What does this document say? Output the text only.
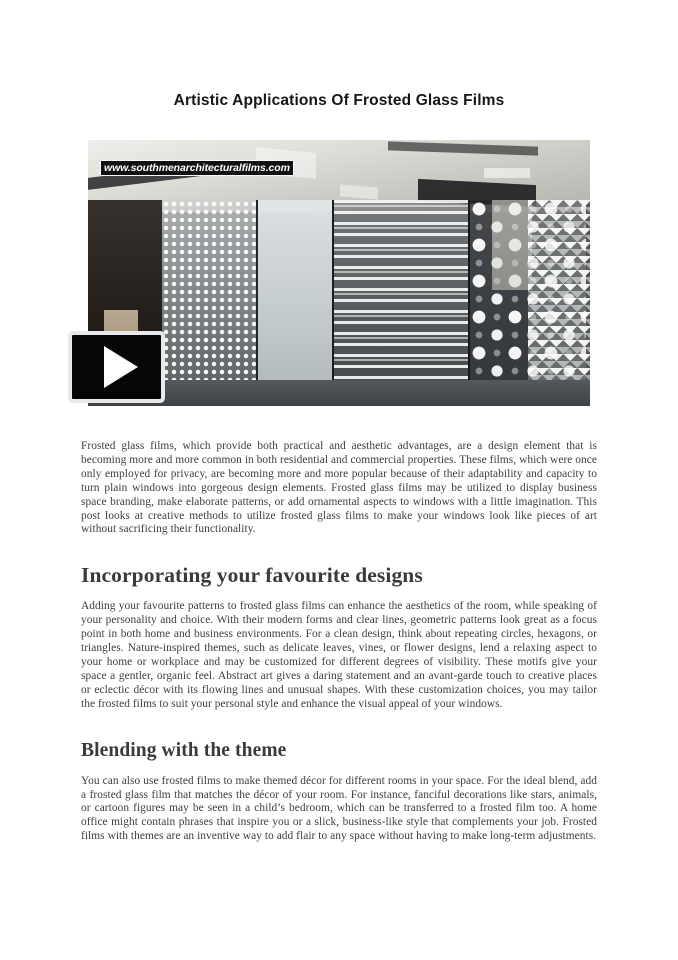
Artistic Applications Of Frosted Glass Films
www.southmenarchitecturalfilms.com

Frosted glass films, which provide both practical and aesthetic advantages, are a design element that is becoming more and more common in both residential and commercial properties. These films, which were once only employed for privacy, are becoming more and more popular because of their adaptability and capacity to turn plain windows into gorgeous design elements. Frosted glass films may be utilized to display business space branding, make elaborate patterns, or add ornamental aspects to windows with a little imagination. This post looks at creative methods to utilize frosted glass films to make your windows look like pieces of art without sacrificing their functionality.

Incorporating your favourite designs

Adding your favourite patterns to frosted glass films can enhance the aesthetics of the room, while speaking of your personality and choice. With their modern forms and clear lines, geometric patterns look great as a focus point in both home and business environments. For a clean design, think about repeating circles, hexagons, or triangles. Nature-inspired themes, such as delicate leaves, vines, or flower designs, lend a relaxing aspect to your home or workplace and may be customized for different degrees of visibility. These motifs give your space a gentler, organic feel. Abstract art gives a daring statement and an avant-garde touch to creative places or eclectic décor with its flowing lines and unusual shapes. With these customization choices, you may tailor the frosted films to suit your personal style and enhance the visual appeal of your windows.

Blending with the theme

You can also use frosted films to make themed décor for different rooms in your space. For the ideal blend, add a frosted glass film that matches the décor of your room. For instance, fanciful decorations like stars, animals, or cartoon figures may be seen in a child’s bedroom, which can be transferred to a frosted film too. A home office might contain phrases that inspire you or a slick, business-like style that complements your job. Frosted films with themes are an inventive way to add flair to any space without having to make long-term adjustments.
